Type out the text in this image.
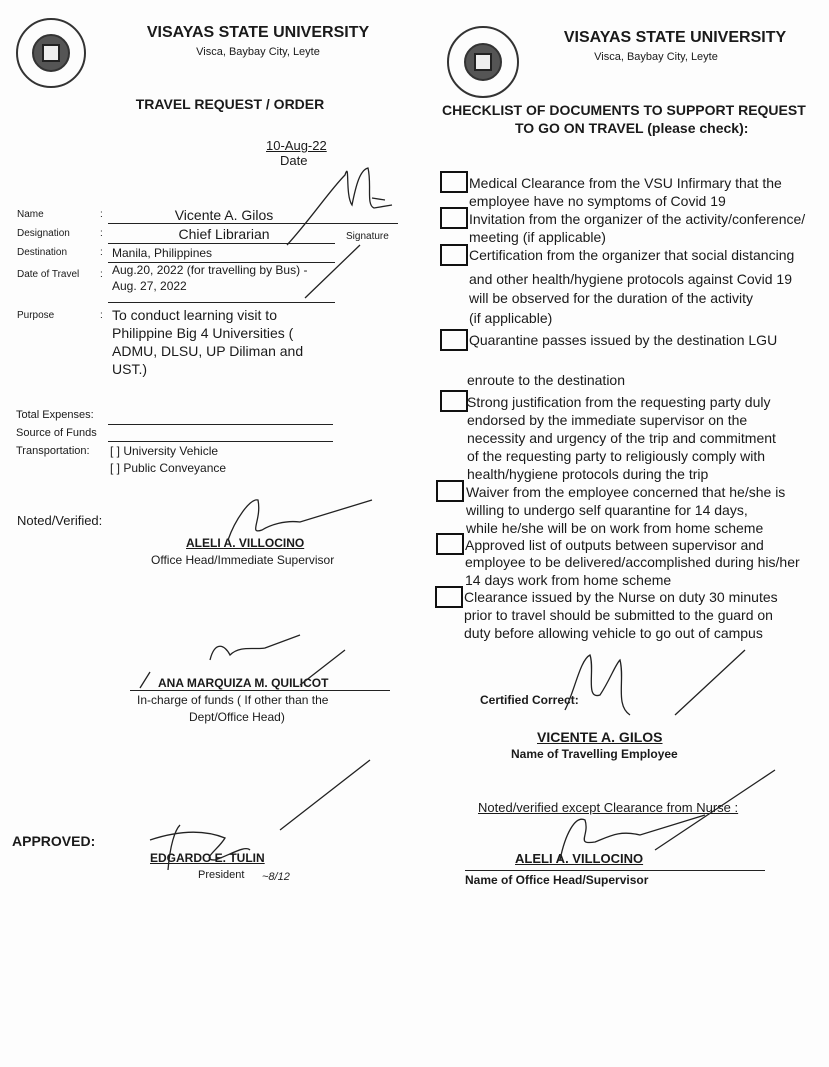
VISAYAS STATE UNIVERSITY
Visca, Baybay City, Leyte
TRAVEL REQUEST / ORDER
10-Aug-22
Date
Name	:	Vicente A. Gilos
Signature
Designation	:	Chief Librarian
Destination	: Manila, Philippines
Date of Travel : Aug.20, 2022 (for travelling by Bus) -
Aug. 27, 2022
Purpose	: To conduct learning visit to
Philippine Big 4 Universities (
ADMU, DLSU, UP Diliman and
UST.)
Total Expenses:
Source of Funds
Transportation: [ ] University Vehicle
[ ] Public Conveyance
Noted/Verified:
ALELI A. VILLOCINO
Office Head/Immediate Supervisor
ANA MARQUIZA M. QUILICOT
In-charge of funds ( If other than the
Dept/Office Head)
APPROVED:
EDGARDO E. TULIN
President
VISAYAS STATE UNIVERSITY
Visca, Baybay City, Leyte
CHECKLIST OF DOCUMENTS TO SUPPORT REQUEST
TO GO ON TRAVEL (please check):
Medical Clearance from the VSU Infirmary that the
employee have no symptoms of Covid 19
Invitation from the organizer of the activity/conference/
meeting (if applicable)
Certification from the organizer that social distancing
and other health/hygiene protocols against Covid 19
will be observed for the duration of the activity
(if applicable)
Quarantine passes issued by the destination LGU
enroute to the destination
Strong justification from the requesting party duly
endorsed by the immediate supervisor on the
necessity and urgency of the trip and commitment
of the requesting party to religiously comply with
health/hygiene protocols during the trip
Waiver from the employee concerned that he/she is
willing to undergo self quarantine for 14 days,
while he/she will be on work from home scheme
Approved list of outputs between supervisor and
employee to be delivered/accomplished during his/her
14 days work from home scheme
Clearance issued by the Nurse on duty 30 minutes
prior to travel should be submitted to the guard on
duty before allowing vehicle to go out of campus
Certified Correct:
VICENTE A. GILOS
Name of Travelling Employee
Noted/verified except Clearance from Nurse :
ALELI A. VILLOCINO
Name of Office Head/Supervisor
~8/12
